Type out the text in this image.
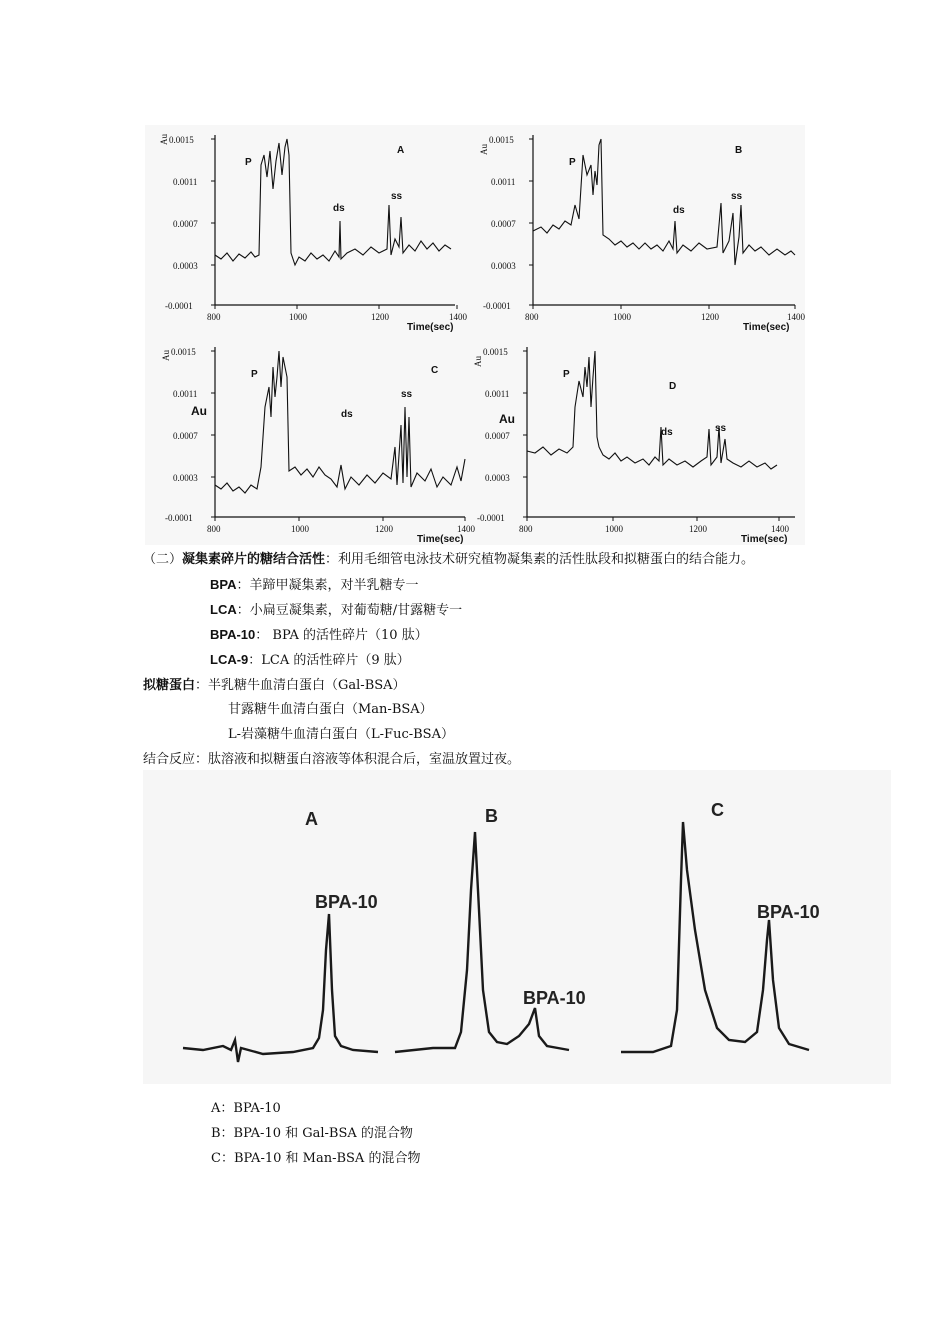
0.0015
0.0011
0.0007
0.0003
-0.0001
800	1000	1200	1400
Time(sec)
Au
A
P
ds
ss
0.0015
0.0011
0.0007
0.0003
-0.0001
800	1000	1200	1400
Time(sec)
Au	B
P
ds
ss
0.0015
0.0011
0.0007
0.0003
-0.0001
800	1000	1200	1400
Time(sec)
Au
Au
C
P
ds
ss
0.0015
0.0011
0.0007
0.0003
-0.0001
800	1000	1200	1400
Time(sec)
Au
Au
D
P
ds	ss
（二）凝集素碎片的糖结合活性：利用毛细管电泳技术研究植物凝集素的活性肽段和拟糖蛋白的结合能力。
BPA：羊蹄甲凝集素，对半乳糖专一
LCA：小扁豆凝集素，对葡萄糖/甘露糖专一
BPA-10： BPA 的活性碎片（10 肽）
LCA-9：LCA 的活性碎片（9 肽）
拟糖蛋白：半乳糖牛血清白蛋白（Gal-BSA）
甘露糖牛血清白蛋白（Man-BSA）
L-岩藻糖牛血清白蛋白（L-Fuc-BSA）
结合反应：肽溶液和拟糖蛋白溶液等体积混合后，室温放置过夜。
A	B	C
BPA-10
BPA-10
BPA-10
A：BPA-10
B：BPA-10 和 Gal-BSA 的混合物
C：BPA-10 和 Man-BSA 的混合物
